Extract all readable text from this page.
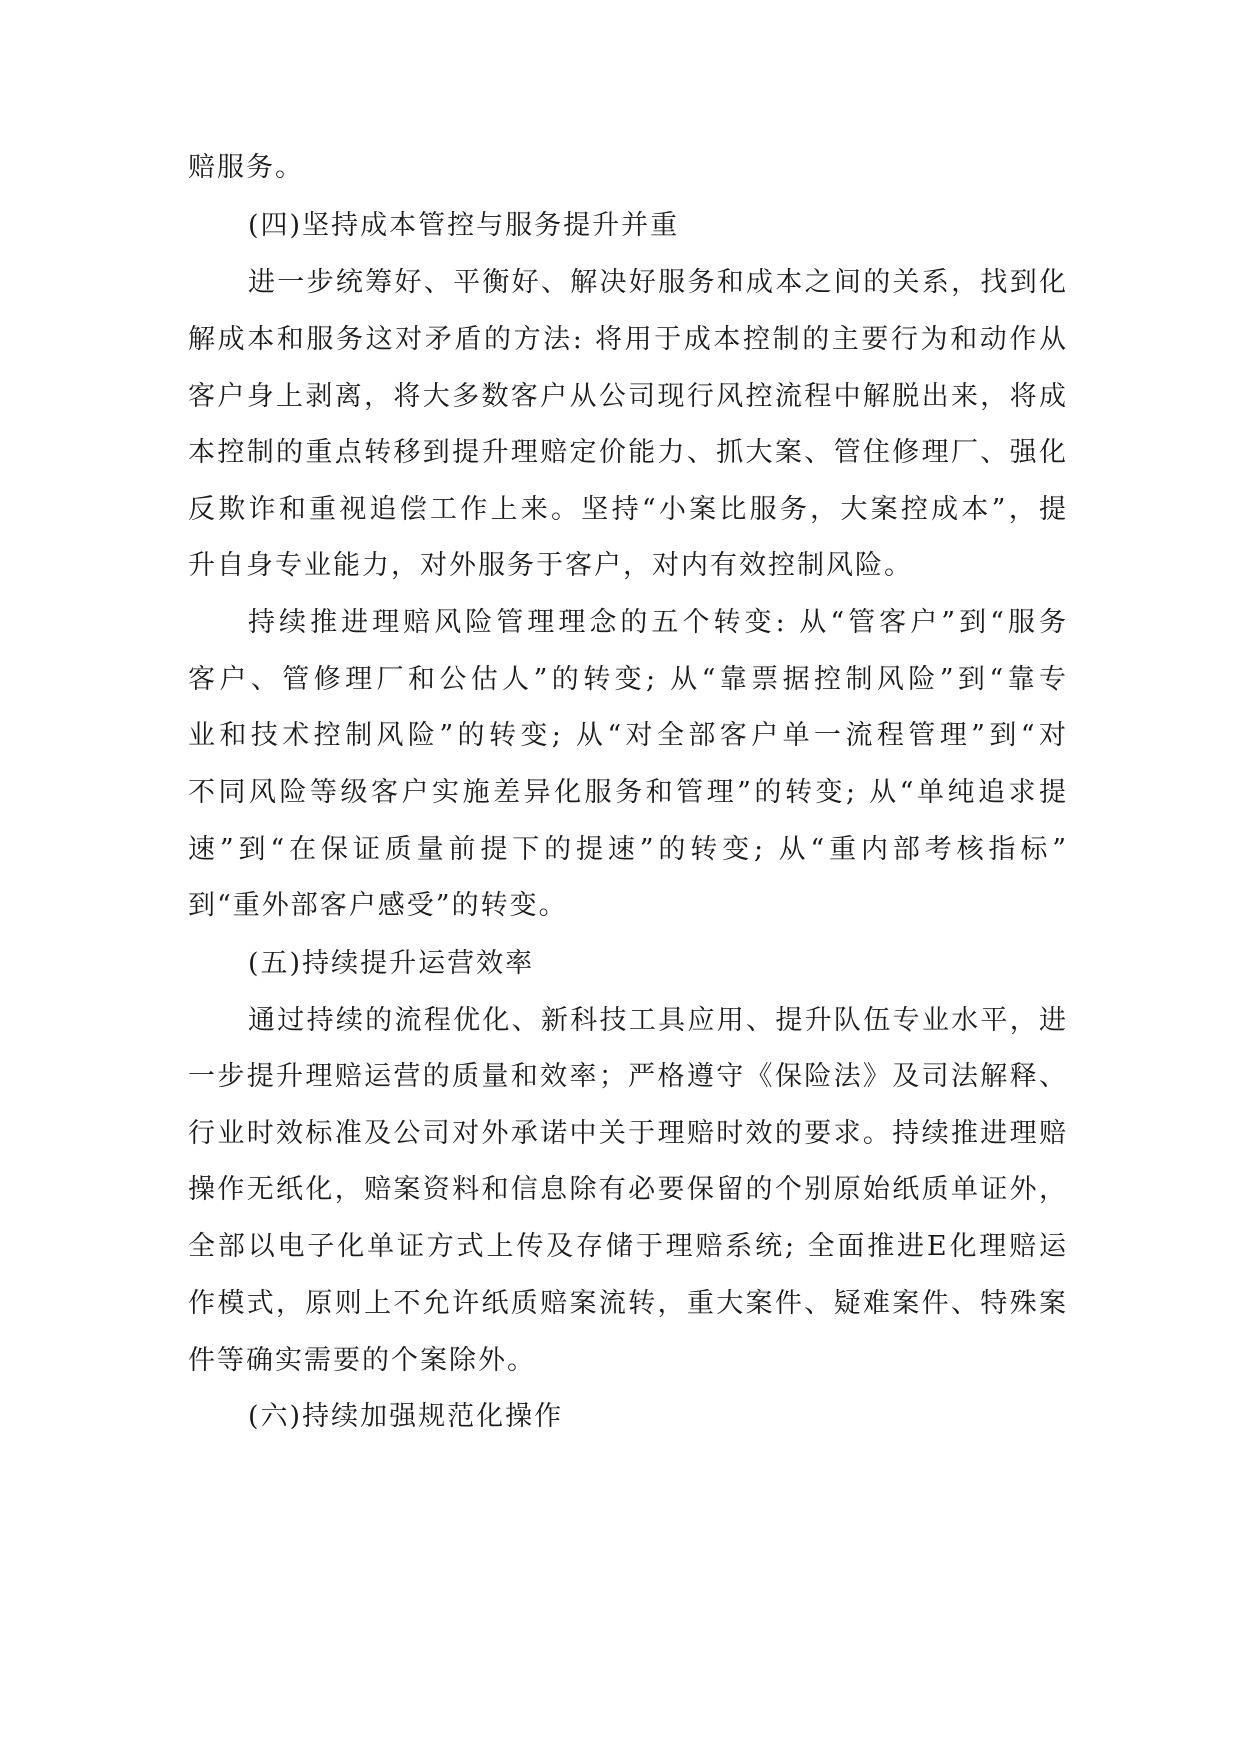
赔服务。
(四)坚持成本管控与服务提升并重
进一步统筹好、平衡好、解决好服务和成本之间的关系，找到化
解成本和服务这对矛盾的方法: 将用于成本控制的主要行为和动作从
客户身上剥离，将大多数客户从公司现行风控流程中解脱出来，将成
本控制的重点转移到提升理赔定价能力、抓大案、管住修理厂、强化
反欺诈和重视追偿工作上来。坚持“小案比服务，大案控成本”，提
升自身专业能力，对外服务于客户，对内有效控制风险。
持续推进理赔风险管理理念的五个转变: 从“管客户”到“服务
客户、管修理厂和公估人”的转变; 从“靠票据控制风险”到“靠专
业和技术控制风险”的转变; 从“对全部客户单一流程管理”到“对
不同风险等级客户实施差异化服务和管理”的转变; 从“单纯追求提
速”到“在保证质量前提下的提速”的转变; 从“重内部考核指标”
到“重外部客户感受”的转变。
(五)持续提升运营效率
通过持续的流程优化、新科技工具应用、提升队伍专业水平，进
一步提升理赔运营的质量和效率；严格遵守《保险法》及司法解释、
行业时效标准及公司对外承诺中关于理赔时效的要求。持续推进理赔
操作无纸化，赔案资料和信息除有必要保留的个别原始纸质单证外，
全部以电子化单证方式上传及存储于理赔系统; 全面推进E化理赔运
作模式，原则上不允许纸质赔案流转，重大案件、疑难案件、特殊案
件等确实需要的个案除外。
(六)持续加强规范化操作
